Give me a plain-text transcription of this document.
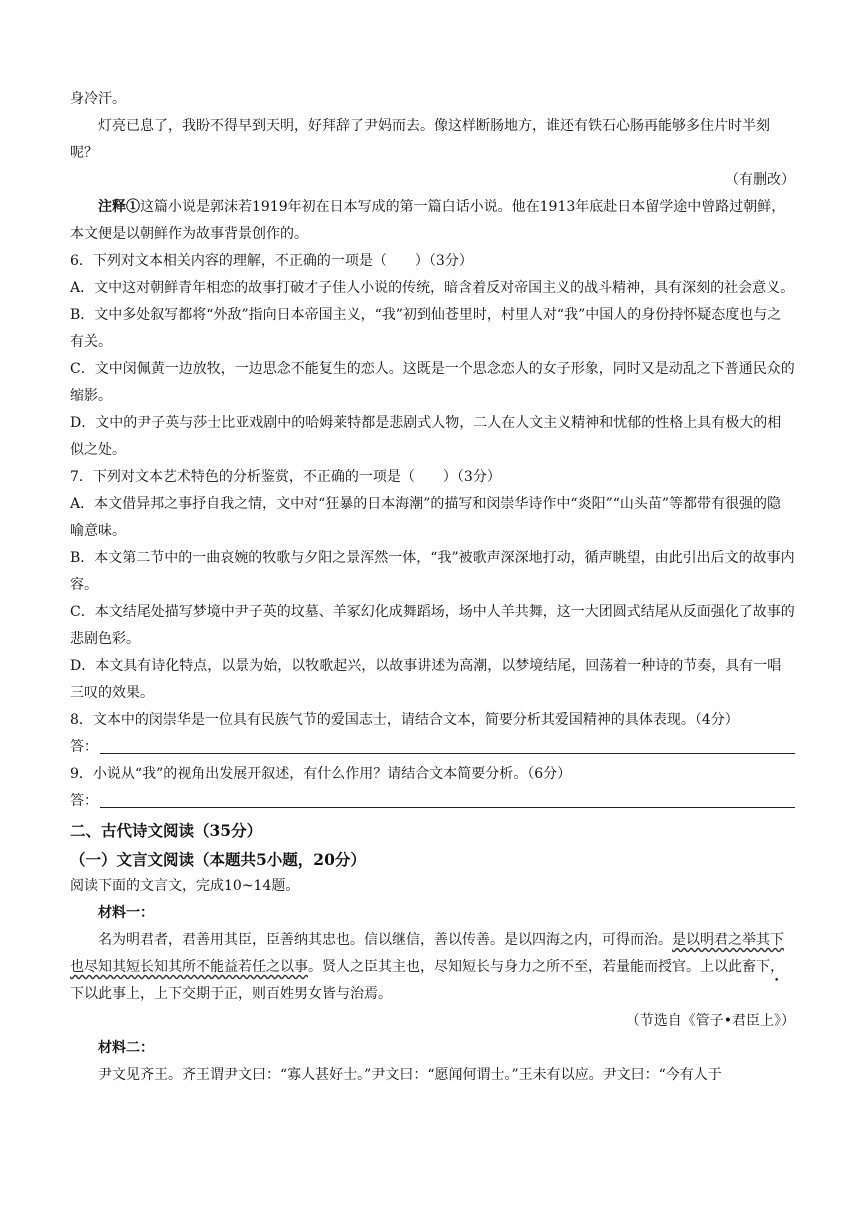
身冷汗。

灯亮已息了，我盼不得早到天明，好拜辞了尹妈而去。像这样断肠地方，谁还有铁石心肠再能够多住片时半刻呢？

（有删改）

注释①这篇小说是郭沫若1919年初在日本写成的第一篇白话小说。他在1913年底赴日本留学途中曾路过朝鲜，本文便是以朝鲜作为故事背景创作的。

6．下列对文本相关内容的理解，不正确的一项是（　　）（3分）

A．文中这对朝鲜青年相恋的故事打破才子佳人小说的传统，暗含着反对帝国主义的战斗精神，具有深刻的社会意义。

B．文中多处叙写都将“外敌”指向日本帝国主义，“我”初到仙苍里时，村里人对“我”中国人的身份持怀疑态度也与之有关。

C．文中闵佩黄一边放牧，一边思念不能复生的恋人。这既是一个思念恋人的女子形象，同时又是动乱之下普通民众的缩影。

D．文中的尹子英与莎士比亚戏剧中的哈姆莱特都是悲剧式人物，二人在人文主义精神和忧郁的性格上具有极大的相似之处。

7．下列对文本艺术特色的分析鉴赏，不正确的一项是（　　）（3分）

A．本文借异邦之事抒自我之情，文中对“狂暴的日本海潮”的描写和闵崇华诗作中“炎阳”“山头苗”等都带有很强的隐喻意味。

B．本文第二节中的一曲哀婉的牧歌与夕阳之景浑然一体，“我”被歌声深深地打动，循声眺望，由此引出后文的故事内容。

C．本文结尾处描写梦境中尹子英的坟墓、羊冢幻化成舞蹈场，场中人羊共舞，这一大团圆式结尾从反面强化了故事的悲剧色彩。

D．本文具有诗化特点，以景为始，以牧歌起兴，以故事讲述为高潮，以梦境结尾，回荡着一种诗的节奏，具有一唱三叹的效果。

8．文本中的闵崇华是一位具有民族气节的爱国志士，请结合文本，简要分析其爱国精神的具体表现。（4分）

答：

9．小说从“我”的视角出发展开叙述，有什么作用？请结合文本简要分析。（6分）

答：

二、古代诗文阅读（35分）

（一）文言文阅读（本题共5小题，20分）

阅读下面的文言文，完成10~14题。

材料一：

名为明君者，君善用其臣，臣善纳其忠也。信以继信，善以传善。是以四海之内，可得而治。是以明君之举其下也尽知其短长知其所不能益若任之以事。贤人之臣其主也，尽知短长与身力之所不至，若量能而授官。上以此畜 •下，下以此事上，上下交期于正，则百姓男女皆与治焉。

（节选自《管子•君臣上》）

材料二：

尹文见齐王。齐王谓尹文曰：“寡人甚好士。”尹文曰：“愿闻何谓士。”王未有以应。尹文曰：“今有人于
